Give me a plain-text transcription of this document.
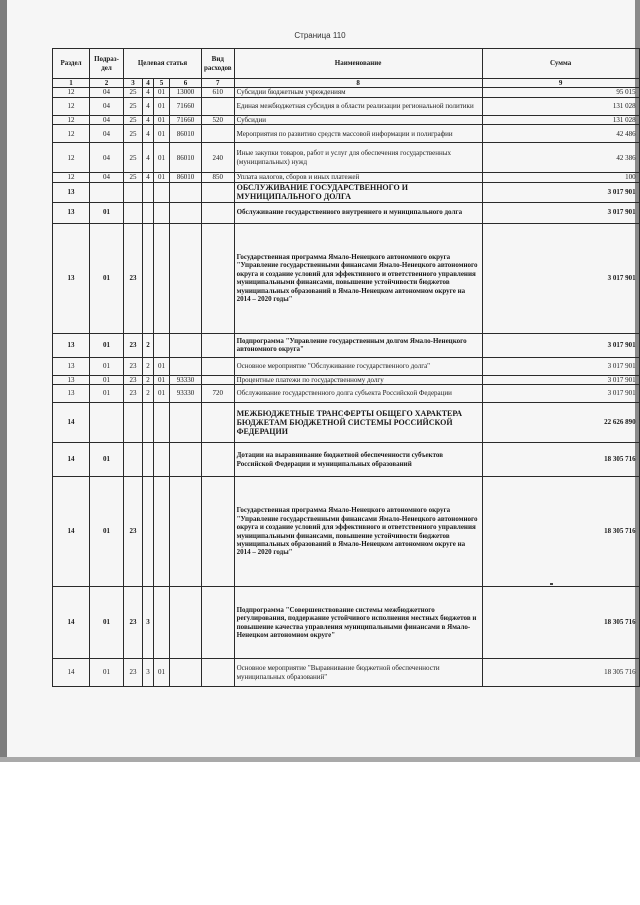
Страница 110
Раздел	Подраз-дел	Целевая статья				Вид расходов	Наименование	Сумма
1	2	3	4	5	6	7	8	9
12	04	25	4	01	13000	610	Субсидии бюджетным учреждениям	95 015
12	04	25	4	01	71660		Единая межбюджетная субсидия в области реализации региональной политики	131 028
12	04	25	4	01	71660	520	Субсидии	131 028
12	04	25	4	01	86010		Мероприятия по развитию средств массовой информации и полиграфии	42 486
12	04	25	4	01	86010	240	Иные закупки товаров, работ и услуг для обеспечения государственных (муниципальных) нужд	42 386
12	04	25	4	01	86010	850	Уплата налогов, сборов и иных платежей	100
13							ОБСЛУЖИВАНИЕ ГОСУДАРСТВЕННОГО И МУНИЦИПАЛЬНОГО ДОЛГА	3 017 901
13	01						Обслуживание государственного внутреннего и муниципального долга	3 017 901
13	01	23					Государственная программа Ямало-Ненецкого автономного округа "Управление государственными финансами Ямало-Ненецкого автономного округа и создание условий для эффективного и ответственного управления муниципальными финансами, повышение устойчивости бюджетов муниципальных образований в Ямало-Ненецком автономном округе на 2014 – 2020 годы"	3 017 901
13	01	23	2				Подпрограмма "Управление государственным долгом Ямало-Ненецкого автономного округа"	3 017 901
13	01	23	2	01			Основное мероприятие "Обслуживание государственного долга"	3 017 901
13	01	23	2	01	93330		Процентные платежи по государственному долгу	3 017 901
13	01	23	2	01	93330	720	Обслуживание государственного долга субъекта Российской Федерации	3 017 901
14							МЕЖБЮДЖЕТНЫЕ ТРАНСФЕРТЫ ОБЩЕГО ХАРАКТЕРА БЮДЖЕТАМ БЮДЖЕТНОЙ СИСТЕМЫ РОССИЙСКОЙ ФЕДЕРАЦИИ	22 626 890
14	01						Дотации на выравнивание бюджетной обеспеченности субъектов Российской Федерации и муниципальных образований	18 305 716
14	01	23					Государственная программа Ямало-Ненецкого автономного округа "Управление государственными финансами Ямало-Ненецкого автономного округа и создание условий для эффективного и ответственного управления муниципальными финансами, повышение устойчивости бюджетов муниципальных образований в Ямало-Ненецком автономном округе на 2014 – 2020 годы"	18 305 716
14	01	23	3				Подпрограмма "Совершенствование системы межбюджетного регулирования, поддержание устойчивого исполнения местных бюджетов и повышение качества управления муниципальными финансами в Ямало-Ненецком автономном округе"	18 305 716
14	01	23	3	01			Основное мероприятие "Выравнивание бюджетной обеспеченности муниципальных образований"	18 305 716
